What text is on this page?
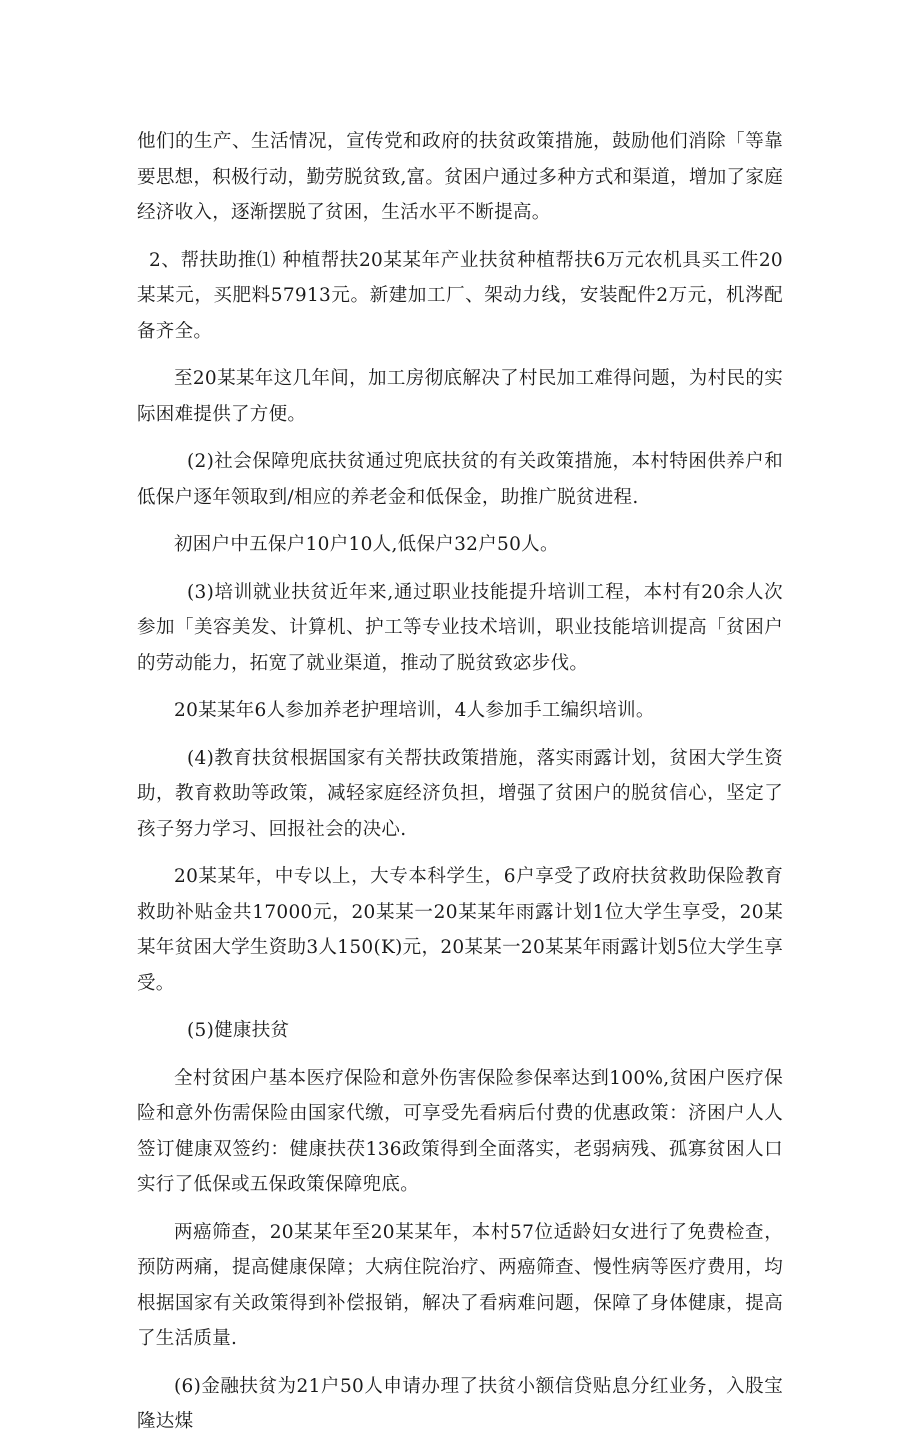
他们的生产、生活情况，宣传党和政府的扶贫政策措施，鼓励他们消除「等靠要思想，积极行动，勤劳脱贫致,富。贫困户通过多种方式和渠道，增加了家庭经济收入，逐渐摆脱了贫困，生活水平不断提高。

2、帮扶助推⑴ 种植帮扶20某某年产业扶贫种植帮扶6万元农机具买工件20某某元，买肥料57913元。新建加工厂、架动力线，安装配件2万元，机涔配备齐全。

至20某某年这几年间，加工房彻底解决了村民加工难得问题，为村民的实际困难提供了方便。

(2)社会保障兜底扶贫通过兜底扶贫的有关政策措施，本村特困供养户和低保户逐年领取到/相应的养老金和低保金，助推广脱贫进程.

初困户中五保户10户10人,低保户32户50人。

(3)培训就业扶贫近年来,通过职业技能提升培训工程，本村有20余人次参加「美容美发、计算机、护工等专业技术培训，职业技能培训提高「贫困户的劳动能力，拓宽了就业渠道，推动了脱贫致宓步伐。

20某某年6人参加养老护理培训，4人参加手工编织培训。

(4)教育扶贫根据国家有关帮扶政策措施，落实雨露计划，贫困大学生资助，教育救助等政策，减轻家庭经济负担，增强了贫困户的脱贫信心，坚定了孩子努力学习、回报社会的决心.

20某某年，中专以上，大专本科学生，6户享受了政府扶贫救助保险教育救助补贴金共17000元，20某某一20某某年雨露计划1位大学生享受，20某某年贫困大学生资助3人150(K)元，20某某一20某某年雨露计划5位大学生享受。

(5)健康扶贫

全村贫困户基本医疗保险和意外伤害保险参保率达到100%,贫困户医疗保险和意外伤需保险由国家代缴，可享受先看病后付费的优惠政策：济困户人人签订健康双签约：健康扶茯136政策得到全面落实，老弱病残、孤寡贫困人口实行了低保或五保政策保障兜底。

两癌筛查，20某某年至20某某年，本村57位适龄妇女进行了免费检查，预防两痛，提高健康保障；大病住院治疗、两癌筛查、慢性病等医疗费用，均根据国家有关政策得到补偿报销，解决了看病难问题，保障了身体健康，提高了生活质量.

(6)金融扶贫为21户50人申请办理了扶贫小额信贷贴息分红业务，入股宝隆达煤
